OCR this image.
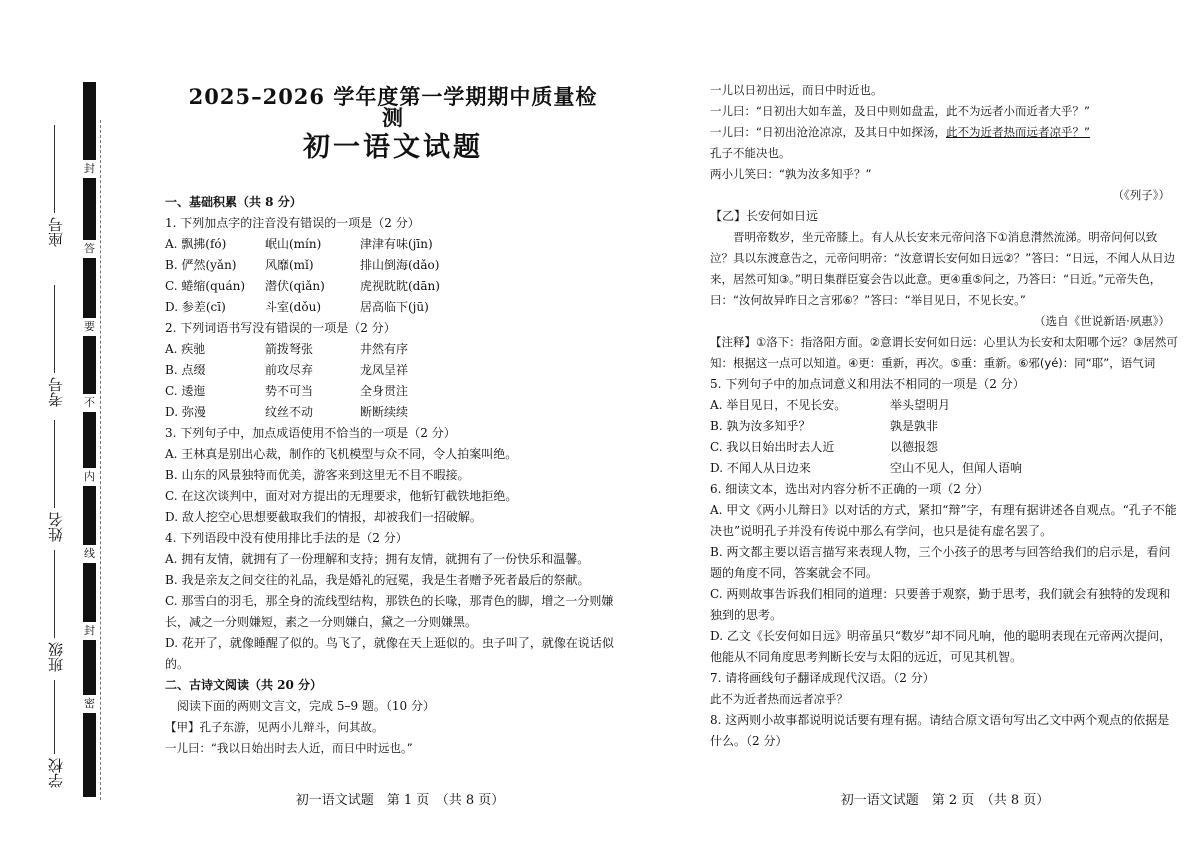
封
答
要
不
内
线
封
密
座号
考号
姓名
班级
学校
2025–2026 学年度第一学期期中质量检测
初一语文试题
一、基础积累（共 8 分）
1. 下列加点字的注音没有错误的一项是（2 分）
A. 飘拂(fó)	岷山(mín)	津津有味(jīn)
B. 俨然(yǎn)	风靡(mǐ)	排山倒海(dǎo)
C. 蜷缩(quán)	潜伏(qiǎn)	虎视眈眈(dān)
D. 参差(cī)	斗室(dǒu)	居高临下(jū)
2. 下列词语书写没有错误的一项是（2 分）
A. 疾驰	箭拨弩张	井然有序
B. 点缀	前攻尽弃	龙凤呈祥
C. 逶迤	势不可当	全身贯注
D. 弥漫	纹丝不动	断断续续
3. 下列句子中，加点成语使用不恰当的一项是（2 分）
A. 王林真是别出心裁，制作的飞机模型与众不同，令人拍案叫绝。
B. 山东的风景独特而优美，游客来到这里无不目不暇接。
C. 在这次谈判中，面对对方提出的无理要求，他斩钉截铁地拒绝。
D. 敌人挖空心思想要截取我们的情报，却被我们一招破解。
4. 下列语段中没有使用排比手法的是（2 分）
A. 拥有友情，就拥有了一份理解和支持；拥有友情，就拥有了一份快乐和温馨。
B. 我是亲友之间交往的礼品，我是婚礼的冠冕，我是生者赠予死者最后的祭献。
C. 那雪白的羽毛，那全身的流线型结构，那铁色的长喙，那青色的脚，增之一分则嫌长，减之一分则嫌短，素之一分则嫌白，黛之一分则嫌黑。
D. 花开了，就像睡醒了似的。鸟飞了，就像在天上逛似的。虫子叫了，就像在说话似的。
二、古诗文阅读（共 20 分）
阅读下面的两则文言文，完成 5–9 题。（10 分）
【甲】孔子东游，见两小儿辩斗，问其故。
一儿曰：“我以日始出时去人近，而日中时远也。”
初一语文试题　第 1 页　（共 8 页）
一儿以日初出远，而日中时近也。
一儿曰：“日初出大如车盖，及日中则如盘盂，此不为远者小而近者大乎？”
一儿曰：“日初出沧沧凉凉，及其日中如探汤，此不为近者热而远者凉乎？”
孔子不能决也。
两小儿笑曰：“孰为汝多知乎？”
（《列子》）
【乙】长安何如日远
晋明帝数岁，坐元帝膝上。有人从长安来元帝问洛下①消息潸然流涕。明帝问何以致泣？具以东渡意告之，元帝问明帝：“汝意谓长安何如日远②？”答曰：“日远，不闻人从日边来，居然可知③。”明日集群臣宴会告以此意。更④重⑤问之，乃答曰：“日近。”元帝失色，曰：“汝何故异昨日之言邪⑥？”答曰：“举目见日，不见长安。”
（选自《世说新语·夙惠》）
【注释】①洛下：指洛阳方面。②意谓长安何如日远：心里认为长安和太阳哪个远？③居然可知：根据这一点可以知道。④更：重新，再次。⑤重：重新。⑥邪(yé)：同“耶”，语气词
5. 下列句子中的加点词意义和用法不相同的一项是（2 分）
A. 举目见日，不见长安。	举头望明月
B. 孰为汝多知乎？	孰是孰非
C. 我以日始出时去人近	以德报怨
D. 不闻人从日边来	空山不见人，但闻人语响
6. 细读文本，选出对内容分析不正确的一项（2 分）
A. 甲文《两小儿辩日》以对话的方式，紧扣“辩”字，有理有据讲述各自观点。“孔子不能决也”说明孔子并没有传说中那么有学问，也只是徒有虚名罢了。
B. 两文都主要以语言描写来表现人物，三个小孩子的思考与回答给我们的启示是，看问题的角度不同，答案就会不同。
C. 两则故事告诉我们相同的道理：只要善于观察，勤于思考，我们就会有独特的发现和独到的思考。
D. 乙文《长安何如日远》明帝虽只“数岁”却不同凡响，他的聪明表现在元帝两次提问，他能从不同角度思考判断长安与太阳的远近，可见其机智。
7. 请将画线句子翻译成现代汉语。（2 分）
此不为近者热而远者凉乎？
8. 这两则小故事都说明说话要有理有据。请结合原文语句写出乙文中两个观点的依据是什么。（2 分）
初一语文试题　第 2 页　（共 8 页）
